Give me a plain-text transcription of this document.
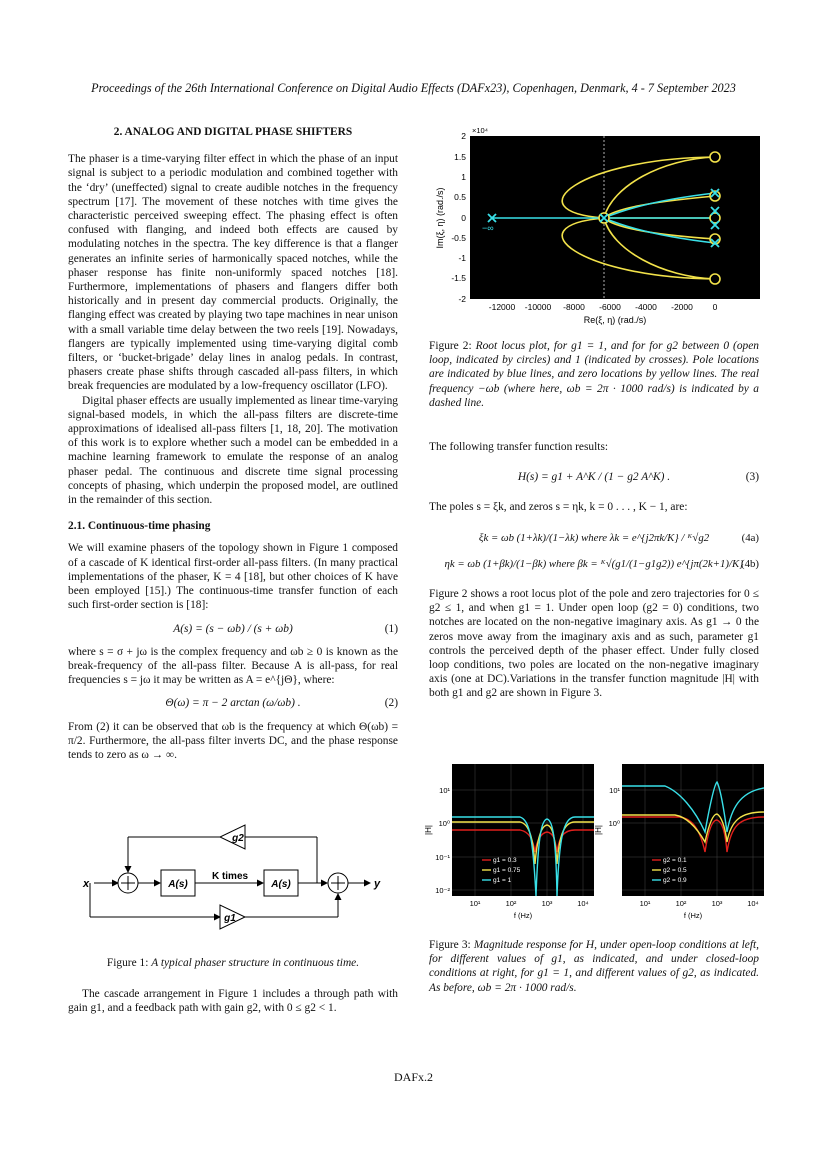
Proceedings of the 26th International Conference on Digital Audio Effects (DAFx23), Copenhagen, Denmark, 4 - 7 September 2023
2. ANALOG AND DIGITAL PHASE SHIFTERS

The phaser is a time-varying filter effect in which the phase of an input signal is subject to a periodic modulation and combined together with the ‘dry’ (uneffected) signal to create audible notches in the frequency spectrum [17]. The movement of these notches with time gives the characteristic perceived sweeping effect. The phasing effect is often confused with flanging, and indeed both effects are caused by modulating notches in the spectra. The key difference is that a flanger generates an infinite series of harmonically spaced notches, while the phaser response has finite non-uniformly spaced notches [18]. Furthermore, implementations of phasers and flangers differ both historically and in present day commercial products. Originally, the flanging effect was created by playing two tape machines in near unison with a small variable time delay between the two reels [19]. Nowadays, flangers are typically implemented using time-varying digital comb filters, or ‘bucket-brigade’ delay lines in analog pedals. In contrast, phasers create phase shifts through cascaded all-pass filters, in which break frequencies are modulated by a low-frequency oscillator (LFO).

Digital phaser effects are usually implemented as linear time-varying signal-based models, in which the all-pass filters are discrete-time approximations of idealised all-pass filters [1, 18, 20]. The motivation of this work is to explore whether such a model can be embedded in a machine learning framework to emulate the response of an analog phaser pedal. The continuous and discrete time signal processing concepts of phasing, which underpin the proposed model, are outlined in the remainder of this section.

2.1. Continuous-time phasing

We will examine phasers of the topology shown in Figure 1 composed of a cascade of K identical first-order all-pass filters. (In many practical implementations of the phaser, K = 4 [18], but other choices of K have been employed [15].) The continuous-time transfer function of each such first-order section is [18]:

A(s) = (s − ωb) / (s + ωb)	(1)

where s = σ + jω is the complex frequency and ωb ≥ 0 is known as the break-frequency of the all-pass filter. Because A is all-pass, for real frequencies s = jω it may be written as A = e^{jΘ}, where:

Θ(ω) = π − 2 arctan (ω/ωb) .	(2)

From (2) it can be observed that ωb is the frequency at which Θ(ωb) = π/2. Furthermore, the all-pass filter inverts DC, and the phase response tends to zero as ω → ∞.

x	y
A(s)	A(s)
K times
g2
g1
Figure 1: A typical phaser structure in continuous time.

The cascade arrangement in Figure 1 includes a through path with gain g1, and a feedback path with gain g2, with 0 ≤ g2 < 1.

2
1.5
1
0.5
0
-0.5
-1
-1.5
-2
×10⁴
-12000 -10000 -8000 -6000 -4000 -2000 0
Re(ξ, η) (rad./s)
Im(ξ, η) (rad./s)	−∞
Figure 2: Root locus plot, for g1 = 1, and for for g2 between 0 (open loop, indicated by circles) and 1 (indicated by crosses). Pole locations are indicated by blue lines, and zero locations by yellow lines. The real frequency −ωb (where here, ωb = 2π · 1000 rad/s) is indicated by a dashed line.

The following transfer function results:

H(s) = g1 + A^K / (1 − g2 A^K) .	(3)

The poles s = ξk, and zeros s = ηk, k = 0 . . . , K − 1, are:

ξk = ωb (1+λk)/(1−λk) where λk = e^{j2πk/K} / ᴷ√g2	(4a)
ηk = ωb (1+βk)/(1−βk) where βk = ᴷ√(g1/(1−g1g2)) e^{jπ(2k+1)/K}
(4b)

Figure 2 shows a root locus plot of the pole and zero trajectories for 0 ≤ g2 ≤ 1, and when g1 = 1. Under open loop (g2 = 0) conditions, two notches are located on the non-negative imaginary axis. As g1 → 0 the zeros move away from the imaginary axis and as such, parameter g1 controls the perceived depth of the phaser effect. Under fully closed loop conditions, two poles are located on the non-negative imaginary axis (one at DC).Variations in the transfer function magnitude |H| with both g1 and g2 are shown in Figure 3.

g1 = 0.3
g1 = 0.75
g1 = 1
g2 = 0.1
g2 = 0.5
g2 = 0.9
10¹
10⁰
10⁻¹
10⁻²
10¹
10⁰
10¹	10²	10³	10⁴	10¹	10²	10³	10⁴
f (Hz)	f (Hz)
|H|	|H|
Figure 3: Magnitude response for H, under open-loop conditions at left, for different values of g1, as indicated, and under closed-loop conditions at right, for g1 = 1, and different values of g2, as indicated. As before, ωb = 2π · 1000 rad/s.
DAFx.2
